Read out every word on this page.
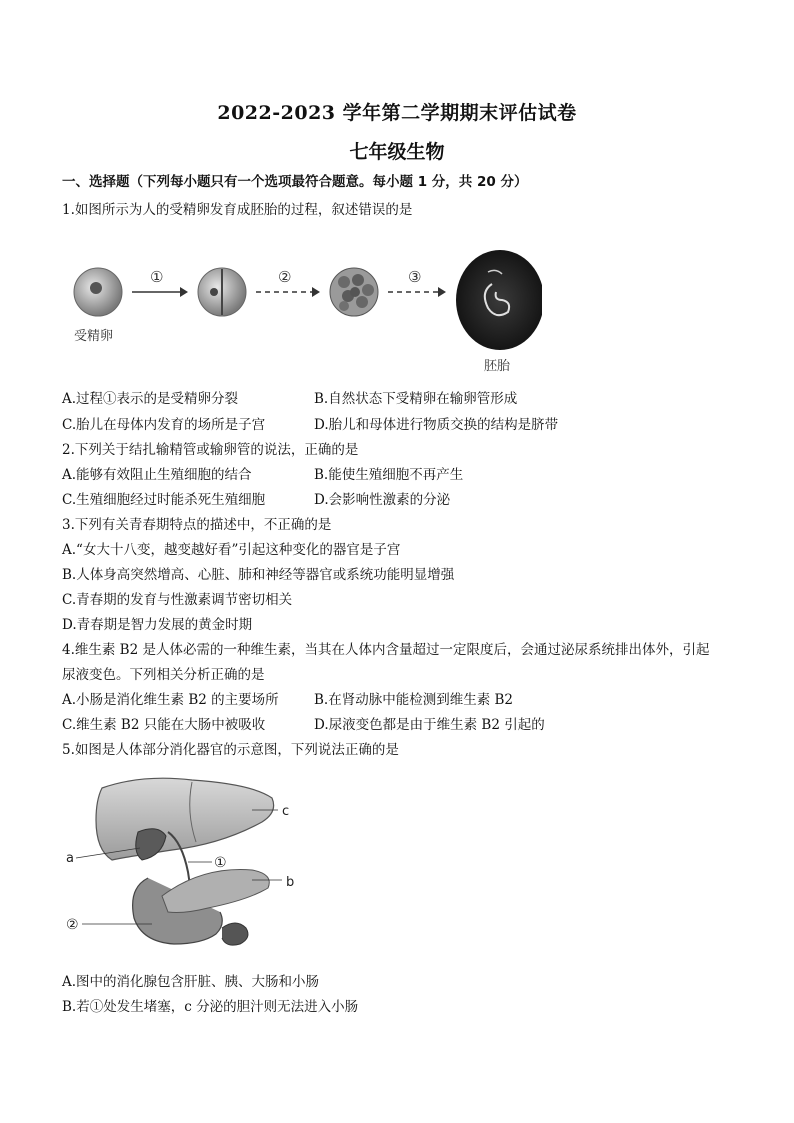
2022-2023 学年第二学期期末评估试卷
七年级生物
一、选择题（下列每小题只有一个选项最符合题意。每小题 1 分，共 20 分）
1.如图所示为人的受精卵发育成胚胎的过程，叙述错误的是
受精卵
①	②	③
胚胎
A.过程①表示的是受精卵分裂	B.自然状态下受精卵在输卵管形成
C.胎儿在母体内发育的场所是子宫	D.胎儿和母体进行物质交换的结构是脐带
2.下列关于结扎输精管或输卵管的说法，正确的是
A.能够有效阻止生殖细胞的结合	B.能使生殖细胞不再产生
C.生殖细胞经过时能杀死生殖细胞	D.会影响性激素的分泌
3.下列有关青春期特点的描述中，不正确的是
A.“女大十八变，越变越好看”引起这种变化的器官是子宫
B.人体身高突然增高、心脏、肺和神经等器官或系统功能明显增强
C.青春期的发育与性激素调节密切相关
D.青春期是智力发展的黄金时期
4.维生素 B2 是人体必需的一种维生素，当其在人体内含量超过一定限度后，会通过泌尿系统排出体外，引起
尿液变色。下列相关分析正确的是
A.小肠是消化维生素 B2 的主要场所	B.在肾动脉中能检测到维生素 B2
C.维生素 B2 只能在大肠中被吸收	D.尿液变色都是由于维生素 B2 引起的
5.如图是人体部分消化器官的示意图，下列说法正确的是
c
a	①
b
②
A.图中的消化腺包含肝脏、胰、大肠和小肠
B.若①处发生堵塞，c 分泌的胆汁则无法进入小肠
